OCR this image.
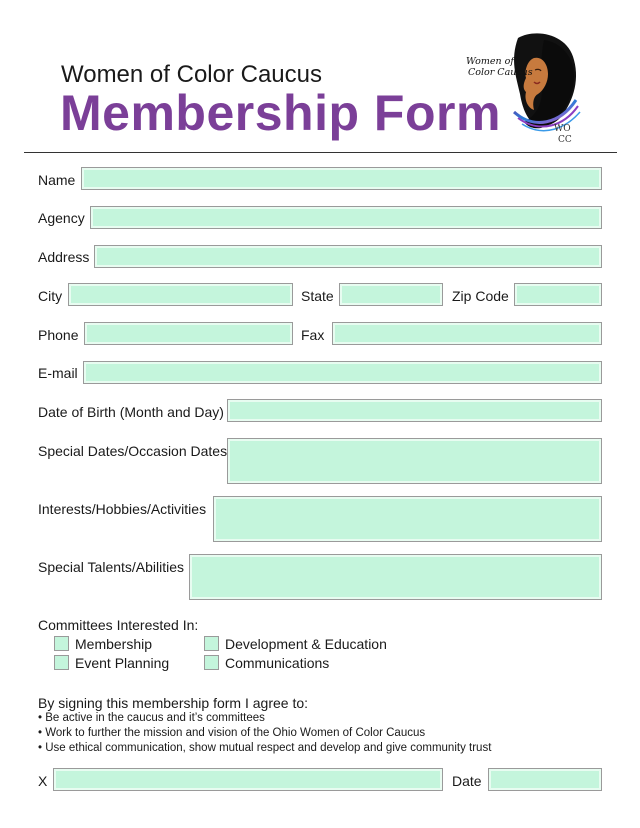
Women of Color Caucus
Membership Form
Women of
Color Caucus
WO
CC
Name
Agency
Address
City	State	Zip Code
Phone	Fax
E-mail
Date of Birth (Month and Day)
Special Dates/Occasion Dates
Interests/Hobbies/Activities
Special Talents/Abilities
Committees Interested In:
Membership	Development & Education
Event Planning	Communications
By signing this membership form I agree to:
• Be active in the caucus and it’s committees
• Work to further the mission and vision of the Ohio Women of Color Caucus
• Use ethical communication, show mutual respect and develop and give community trust
X	Date
